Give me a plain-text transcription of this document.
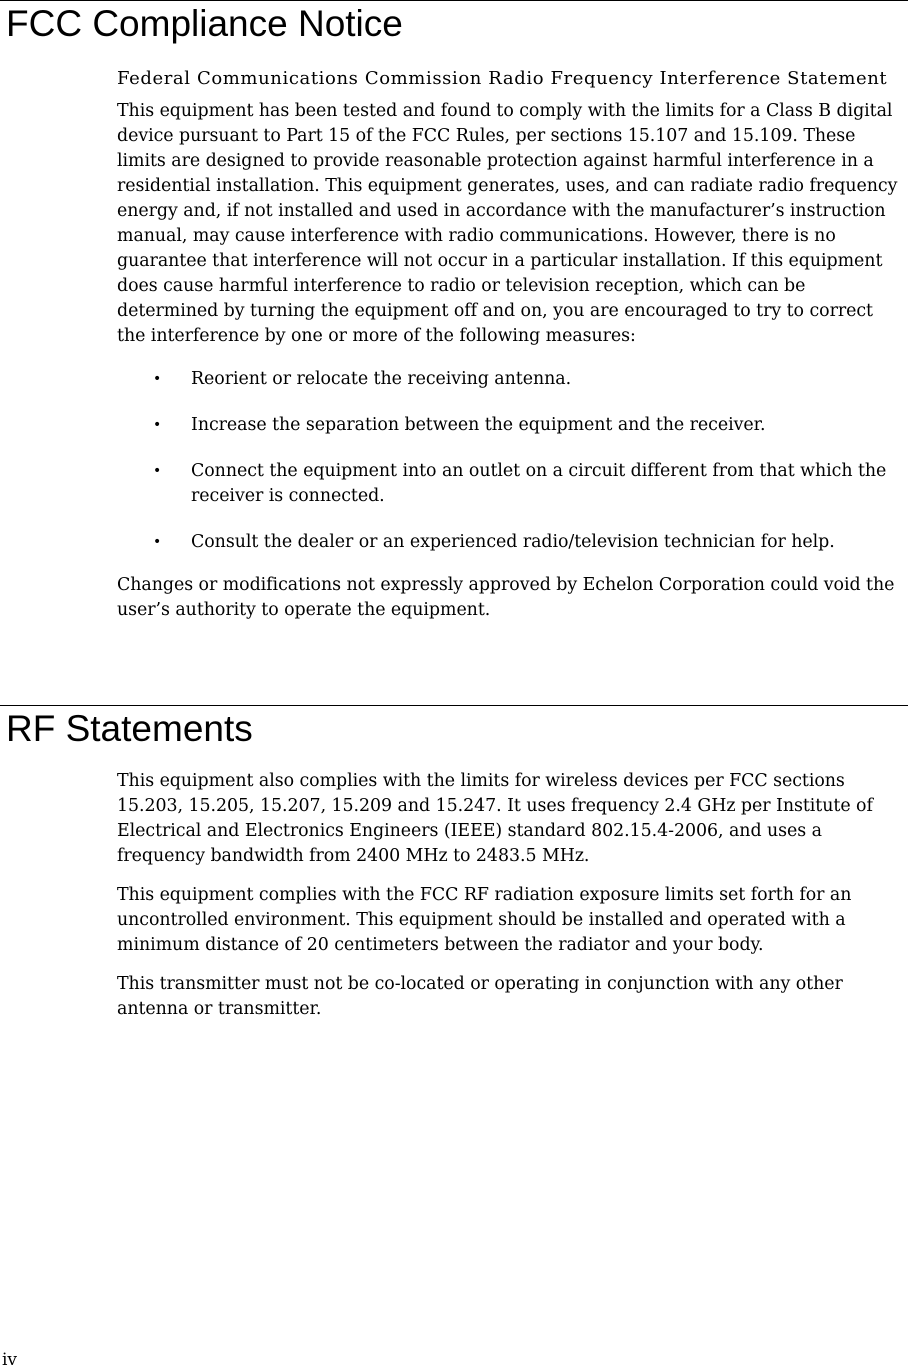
FCC Compliance Notice
Federal Communications Commission Radio Frequency Interference Statement

This equipment has been tested and found to comply with the limits for a Class B digital device pursuant to Part 15 of the FCC Rules, per sections 15.107 and 15.109. These limits are designed to provide reasonable protection against harmful interference in a residential installation. This equipment generates, uses, and can radiate radio frequency energy and, if not installed and used in accordance with the manufacturer’s instruction manual, may cause interference with radio communications. However, there is no guarantee that interference will not occur in a particular installation. If this equipment does cause harmful interference to radio or television reception, which can be determined by turning the equipment off and on, you are encouraged to try to correct the interference by one or more of the following measures:

• Reorient or relocate the receiving antenna.
• Increase the separation between the equipment and the receiver.
• Connect the equipment into an outlet on a circuit different from that which the receiver is connected.
• Consult the dealer or an experienced radio/television technician for help.

Changes or modifications not expressly approved by Echelon Corporation could void the user’s authority to operate the equipment.

RF Statements

This equipment also complies with the limits for wireless devices per FCC sections 15.203, 15.205, 15.207, 15.209 and 15.247. It uses frequency 2.4 GHz per Institute of Electrical and Electronics Engineers (IEEE) standard 802.15.4-2006, and uses a frequency bandwidth from 2400 MHz to 2483.5 MHz.

This equipment complies with the FCC RF radiation exposure limits set forth for an uncontrolled environment. This equipment should be installed and operated with a minimum distance of 20 centimeters between the radiator and your body.

This transmitter must not be co-located or operating in conjunction with any other antenna or transmitter.

iv
